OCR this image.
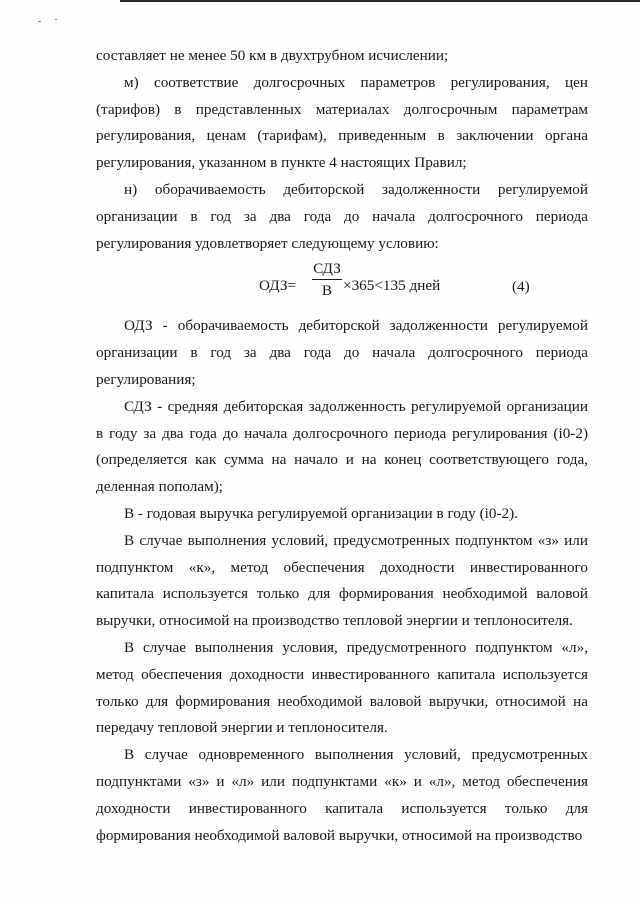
составляет не менее 50 км в двухтрубном исчислении;

м) соответствие долгосрочных параметров регулирования, цен (тарифов) в представленных материалах долгосрочным параметрам регулирования, ценам (тарифам), приведенным в заключении органа регулирования, указанном в пункте 4 настоящих Правил;

н) оборачиваемость дебиторской задолженности регулируемой организации в год за два года до начала долгосрочного периода регулирования удовлетворяет следующему условию:

ОДЗ=
СДЗ
В ×365<135 дней	(4)

ОДЗ - оборачиваемость дебиторской задолженности регулируемой организации в год за два года до начала долгосрочного периода регулирования;

СДЗ - средняя дебиторская задолженность регулируемой организации в году за два года до начала долгосрочного периода регулирования (i0-2) (определяется как сумма на начало и на конец соответствующего года, деленная пополам);

В - годовая выручка регулируемой организации в году (i0-2).

В случае выполнения условий, предусмотренных подпунктом «з» или подпунктом «к», метод обеспечения доходности инвестированного капитала используется только для формирования необходимой валовой выручки, относимой на производство тепловой энергии и теплоносителя.

В случае выполнения условия, предусмотренного подпунктом «л», метод обеспечения доходности инвестированного капитала используется только для формирования необходимой валовой выручки, относимой на передачу тепловой энергии и теплоносителя.

В случае одновременного выполнения условий, предусмотренных подпунктами «з» и «л» или подпунктами «к» и «л», метод обеспечения доходности инвестированного капитала используется только для формирования необходимой валовой выручки, относимой на производство
